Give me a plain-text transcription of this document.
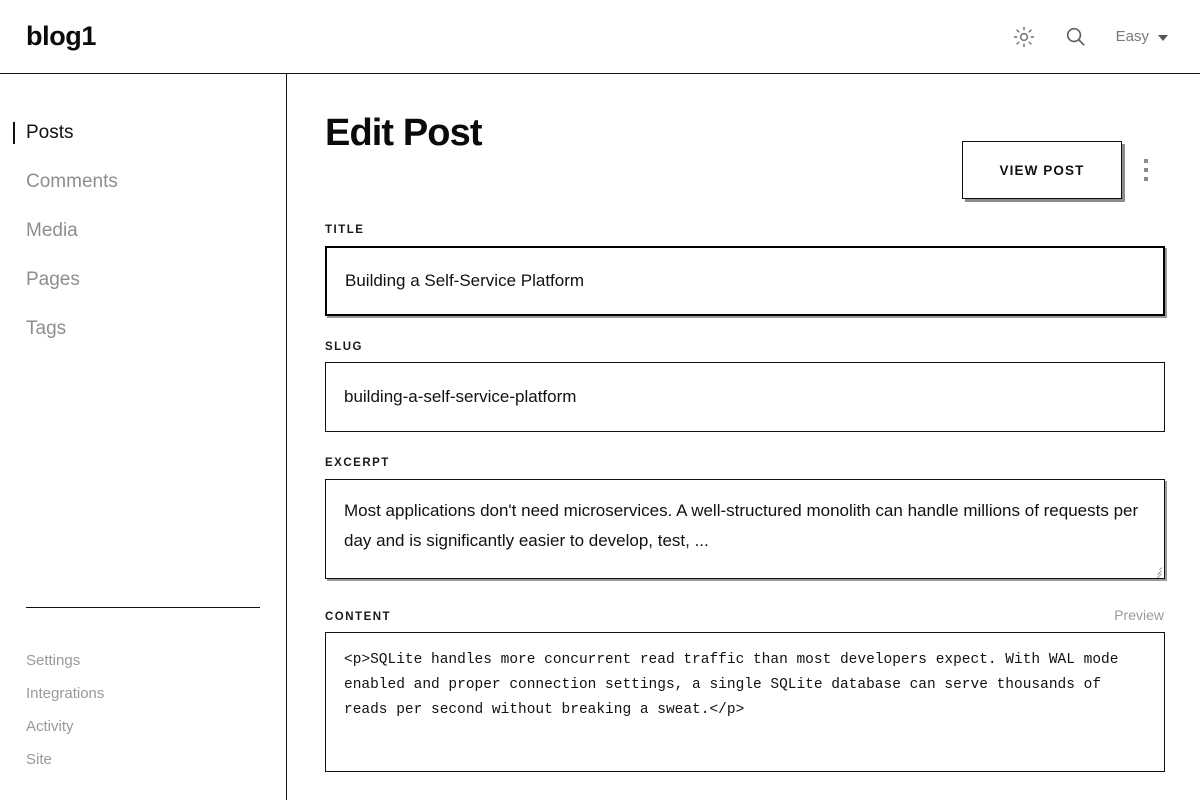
blog1	Easy
Posts
Comments
Media
Pages
Tags
Settings
Integrations
Activity
Site
Edit Post
VIEW POST
TITLE
Building a Self-Service Platform
SLUG
building-a-self-service-platform
EXCERPT
Most applications don't need microservices. A well-structured monolith can handle millions of requests per day and is significantly easier to develop, test, ...
CONTENT	Preview
<p>SQLite handles more concurrent read traffic than most developers expect. With WAL mode enabled and proper connection settings, a single SQLite database can serve thousands of reads per second without breaking a sweat.</p>
